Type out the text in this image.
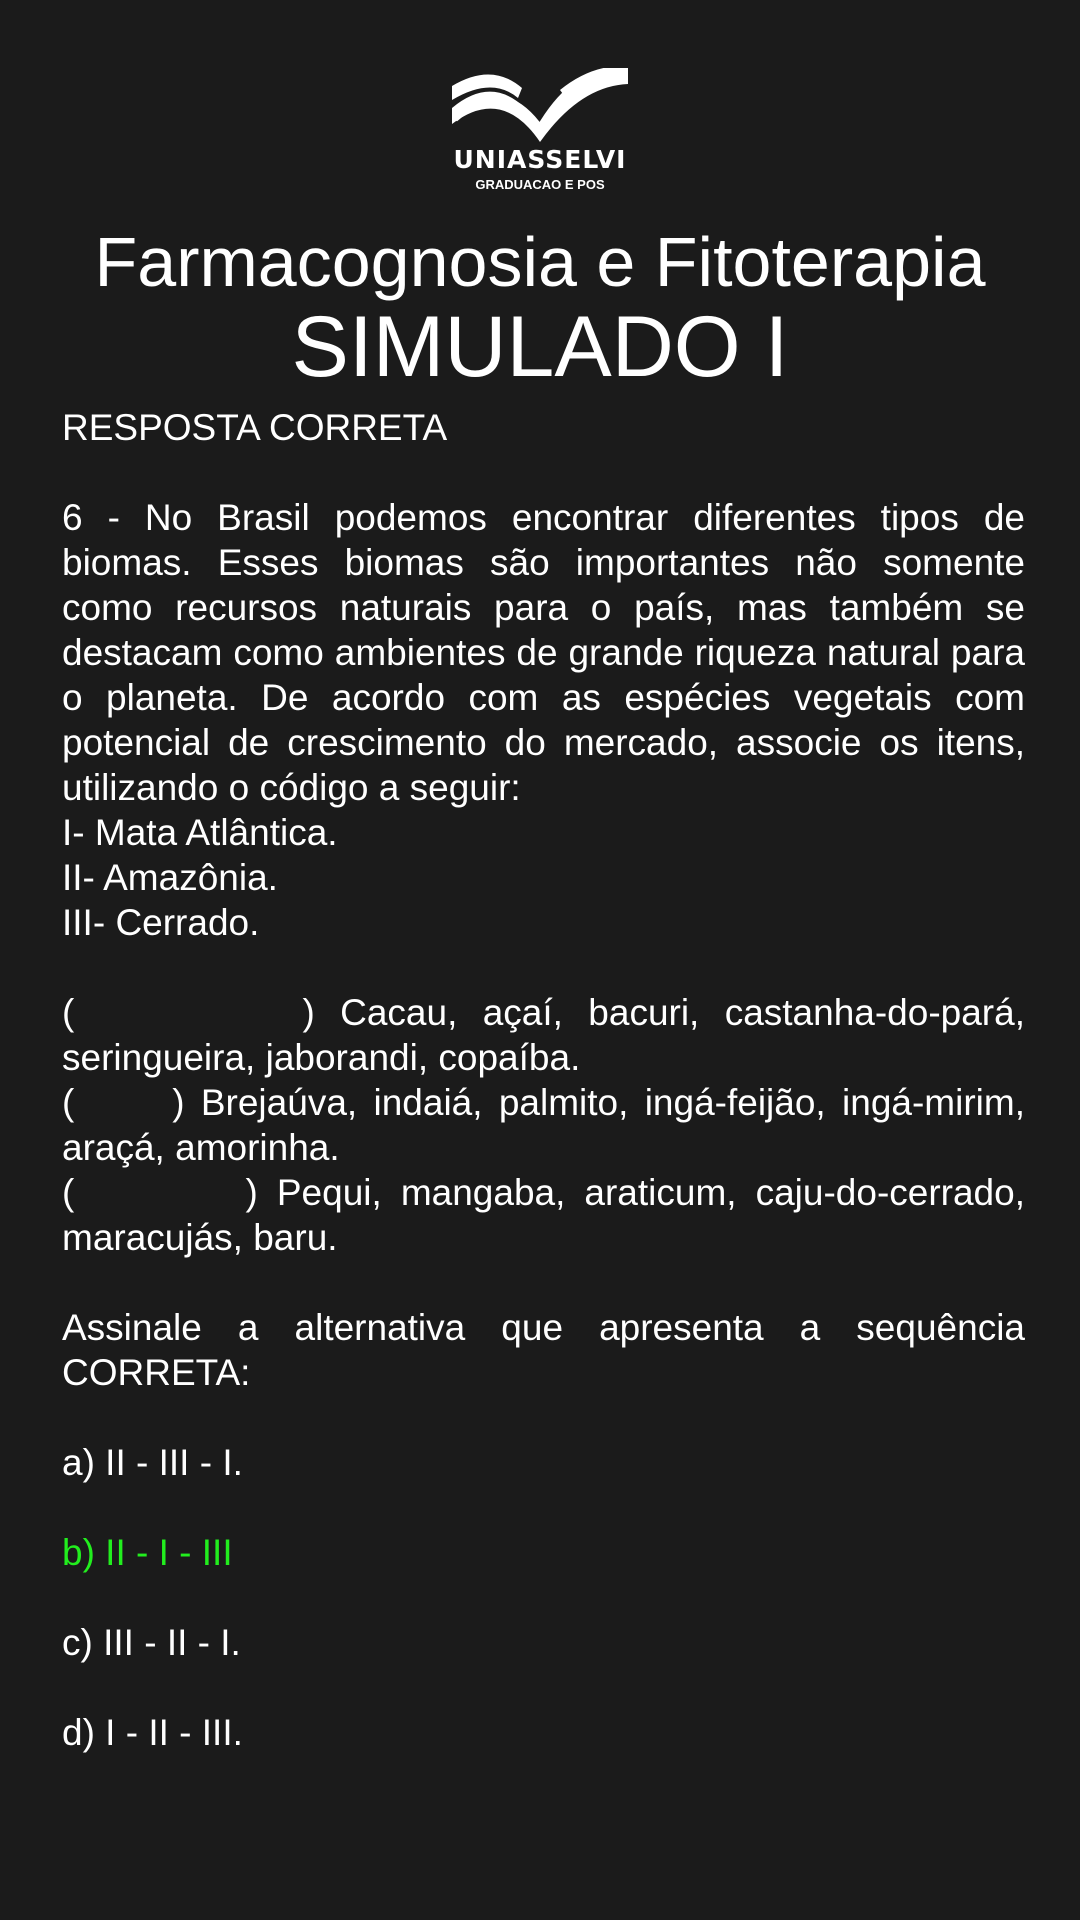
UNIASSELVI
GRADUACAO E POS
Farmacognosia e Fitoterapia
SIMULADO I

RESPOSTA CORRETA

6 - No Brasil podemos encontrar diferentes tipos de biomas. Esses biomas são importantes não somente como recursos naturais para o país, mas também se destacam como ambientes de grande riqueza natural para o planeta. De acordo com as espécies vegetais com potencial de crescimento do mercado, associe os itens, utilizando o código a seguir:

I- Mata Atlântica.

II- Amazônia.

III- Cerrado.

(         ) Cacau, açaí, bacuri, castanha-do-pará, seringueira, jaborandi, copaíba.

(      ) Brejaúva, indaiá, palmito, ingá-feijão, ingá-mirim, araçá, amorinha.

(         ) Pequi, mangaba, araticum, caju-do-cerrado, maracujás, baru.

Assinale a alternativa que apresenta a sequência CORRETA:

a) II - III - I.

b) II - I - III

c) III - II - I.

d) I - II - III.
